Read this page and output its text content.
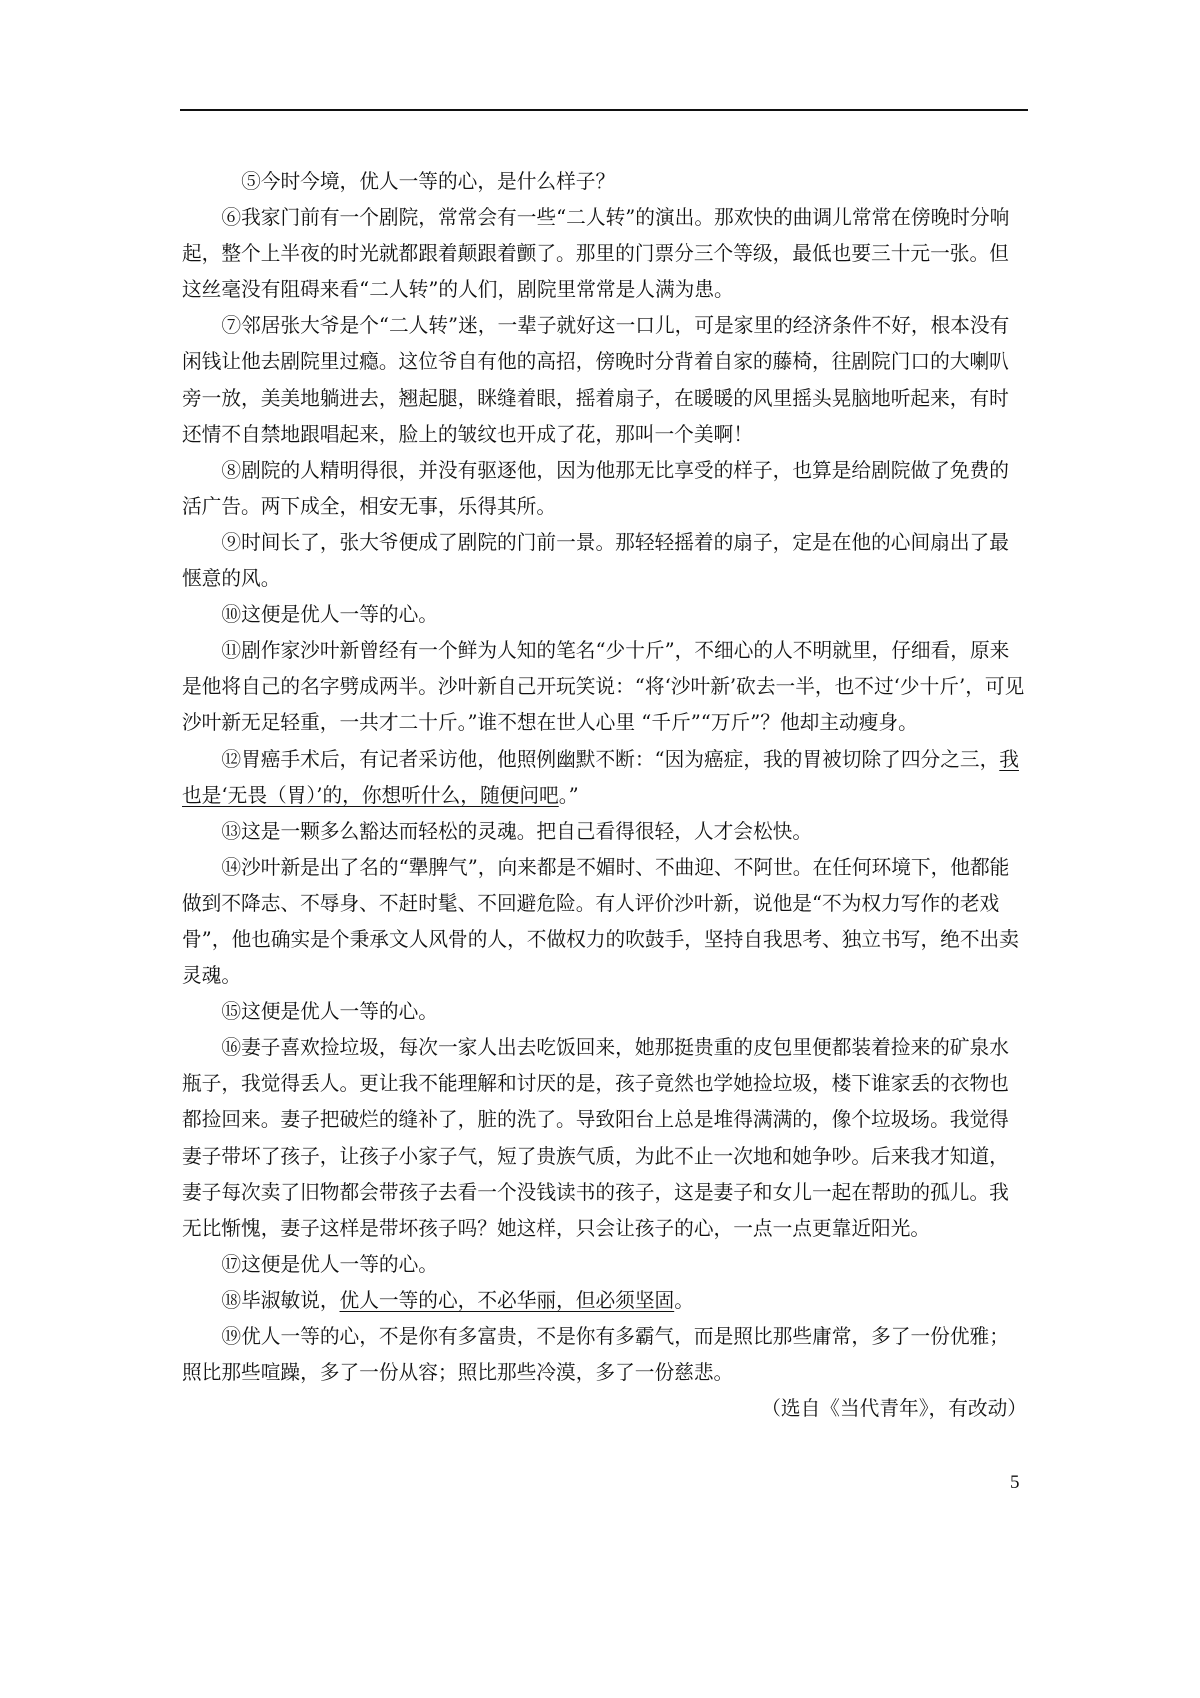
⑤今时今境，优人一等的心，是什么样子？

⑥我家门前有一个剧院，常常会有一些“二人转”的演出。那欢快的曲调儿常常在傍晚时分响起，整个上半夜的时光就都跟着颠跟着颤了。那里的门票分三个等级，最低也要三十元一张。但这丝毫没有阻碍来看“二人转”的人们，剧院里常常是人满为患。

⑦邻居张大爷是个“二人转”迷，一辈子就好这一口儿，可是家里的经济条件不好，根本没有闲钱让他去剧院里过瘾。这位爷自有他的高招，傍晚时分背着自家的藤椅，往剧院门口的大喇叭旁一放，美美地躺进去，翘起腿，眯缝着眼，摇着扇子，在暖暖的风里摇头晃脑地听起来，有时还情不自禁地跟唱起来，脸上的皱纹也开成了花，那叫一个美啊！

⑧剧院的人精明得很，并没有驱逐他，因为他那无比享受的样子，也算是给剧院做了免费的活广告。两下成全，相安无事，乐得其所。

⑨时间长了，张大爷便成了剧院的门前一景。那轻轻摇着的扇子，定是在他的心间扇出了最惬意的风。

⑩这便是优人一等的心。

⑪剧作家沙叶新曾经有一个鲜为人知的笔名“少十斤”，不细心的人不明就里，仔细看，原来是他将自己的名字劈成两半。沙叶新自己开玩笑说：“将‘沙叶新’砍去一半，也不过‘少十斤’，可见沙叶新无足轻重，一共才二十斤。”谁不想在世人心里 “千斤”“万斤”？他却主动瘦身。

⑫胃癌手术后，有记者采访他，他照例幽默不断：“因为癌症，我的胃被切除了四分之三，我也是‘无畏（胃）’的，你想听什么，随便问吧。”

⑬这是一颗多么豁达而轻松的灵魂。把自己看得很轻，人才会松快。

⑭沙叶新是出了名的“犟脾气”，向来都是不媚时、不曲迎、不阿世。在任何环境下，他都能做到不降志、不辱身、不赶时髦、不回避危险。有人评价沙叶新，说他是“不为权力写作的老戏骨”，他也确实是个秉承文人风骨的人，不做权力的吹鼓手，坚持自我思考、独立书写，绝不出卖灵魂。

⑮这便是优人一等的心。

⑯妻子喜欢捡垃圾，每次一家人出去吃饭回来，她那挺贵重的皮包里便都装着捡来的矿泉水瓶子，我觉得丢人。更让我不能理解和讨厌的是，孩子竟然也学她捡垃圾，楼下谁家丢的衣物也都捡回来。妻子把破烂的缝补了，脏的洗了。导致阳台上总是堆得满满的，像个垃圾场。我觉得妻子带坏了孩子，让孩子小家子气，短了贵族气质，为此不止一次地和她争吵。后来我才知道，妻子每次卖了旧物都会带孩子去看一个没钱读书的孩子，这是妻子和女儿一起在帮助的孤儿。我无比惭愧，妻子这样是带坏孩子吗？她这样，只会让孩子的心，一点一点更靠近阳光。

⑰这便是优人一等的心。

⑱毕淑敏说，优人一等的心，不必华丽，但必须坚固。

⑲优人一等的心，不是你有多富贵，不是你有多霸气，而是照比那些庸常，多了一份优雅；照比那些喧躁，多了一份从容；照比那些冷漠，多了一份慈悲。

（选自《当代青年》，有改动）

5
